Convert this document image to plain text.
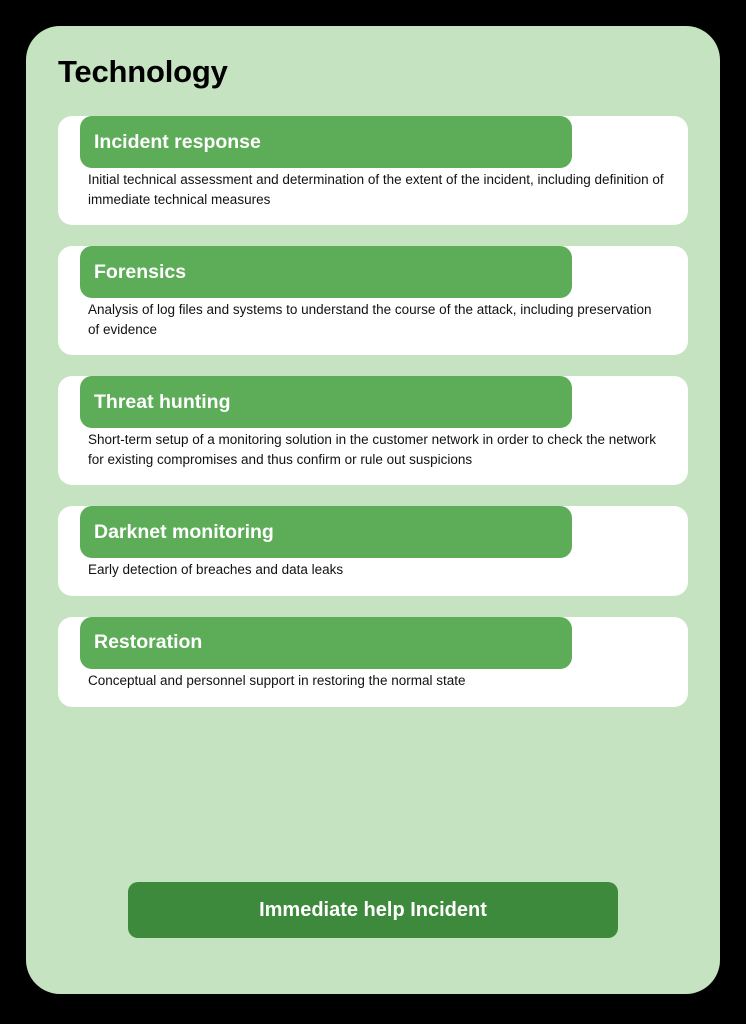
Technology
Incident response
Initial technical assessment and determination of the extent of the incident, including definition of immediate technical measures
Forensics
Analysis of log files and systems to understand the course of the attack, including preservation of evidence
Threat hunting
Short-term setup of a monitoring solution in the customer network in order to check the network for existing compromises and thus confirm or rule out suspicions
Darknet monitoring
Early detection of breaches and data leaks
Restoration
Conceptual and personnel support in restoring the normal state
Immediate help Incident
